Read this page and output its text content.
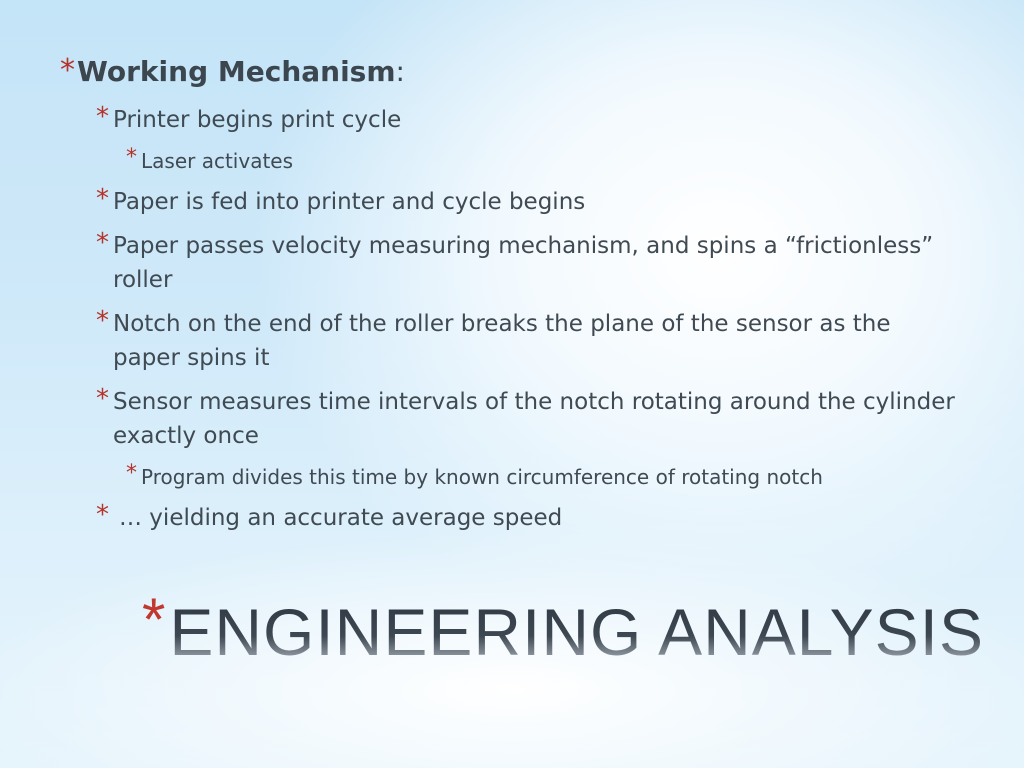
* Working Mechanism:
* Printer begins print cycle
* Laser activates
* Paper is fed into printer and cycle begins
* Paper passes velocity measuring mechanism, and spins a “frictionless” roller
* Notch on the end of the roller breaks the plane of the sensor as the paper spins it
* Sensor measures time intervals of the notch rotating around the cylinder exactly once
* Program divides this time by known circumference of rotating notch
* … yielding an accurate average speed
* ENGINEERING ANALYSIS
